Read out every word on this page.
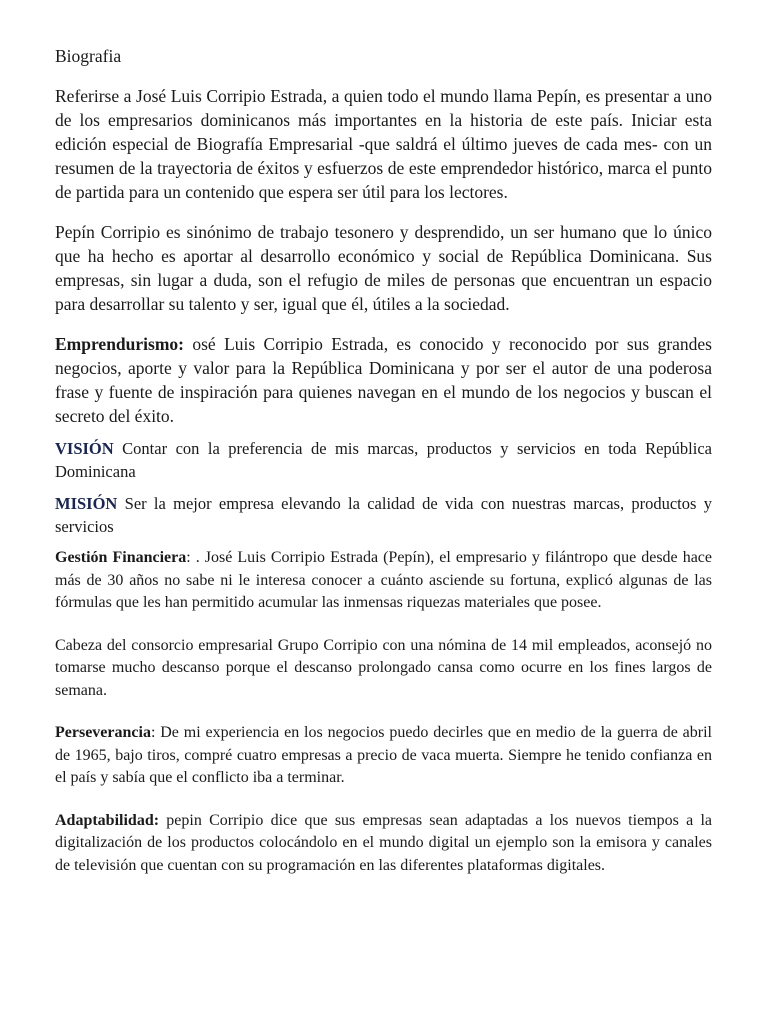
Biografia

Referirse a José Luis Corripio Estrada, a quien todo el mundo llama Pepín, es presentar a uno de los empresarios dominicanos más importantes en la historia de este país. Iniciar esta edición especial de Biografía Empresarial -que saldrá el último jueves de cada mes- con un resumen de la trayectoria de éxitos y esfuerzos de este emprendedor histórico, marca el punto de partida para un contenido que espera ser útil para los lectores.

Pepín Corripio es sinónimo de trabajo tesonero y desprendido, un ser humano que lo único que ha hecho es aportar al desarrollo económico y social de República Dominicana. Sus empresas, sin lugar a duda, son el refugio de miles de personas que encuentran un espacio para desarrollar su talento y ser, igual que él, útiles a la sociedad.

Emprendurismo: osé Luis Corripio Estrada, es conocido y reconocido por sus grandes negocios, aporte y valor para la República Dominicana y por ser el autor de una poderosa frase y fuente de inspiración para quienes navegan en el mundo de los negocios y buscan el secreto del éxito.

VISIÓN Contar con la preferencia de mis marcas, productos y servicios en toda República Dominicana

MISIÓN Ser la mejor empresa elevando la calidad de vida con nuestras marcas, productos y servicios

Gestión Financiera: . José Luis Corripio Estrada (Pepín), el empresario y filántropo que desde hace más de 30 años no sabe ni le interesa conocer a cuánto asciende su fortuna, explicó algunas de las fórmulas que les han permitido acumular las inmensas riquezas materiales que posee.

Cabeza del consorcio empresarial Grupo Corripio con una nómina de 14 mil empleados, aconsejó no tomarse mucho descanso porque el descanso prolongado cansa como ocurre en los fines largos de semana.

Perseverancia: De mi experiencia en los negocios puedo decirles que en medio de la guerra de abril de 1965, bajo tiros, compré cuatro empresas a precio de vaca muerta. Siempre he tenido confianza en el país y sabía que el conflicto iba a terminar.

Adaptabilidad: pepin Corripio dice que sus empresas sean adaptadas a los nuevos tiempos a la digitalización de los productos colocándolo en el mundo digital un ejemplo son la emisora y canales de televisión que cuentan con su programación en las diferentes plataformas digitales.
